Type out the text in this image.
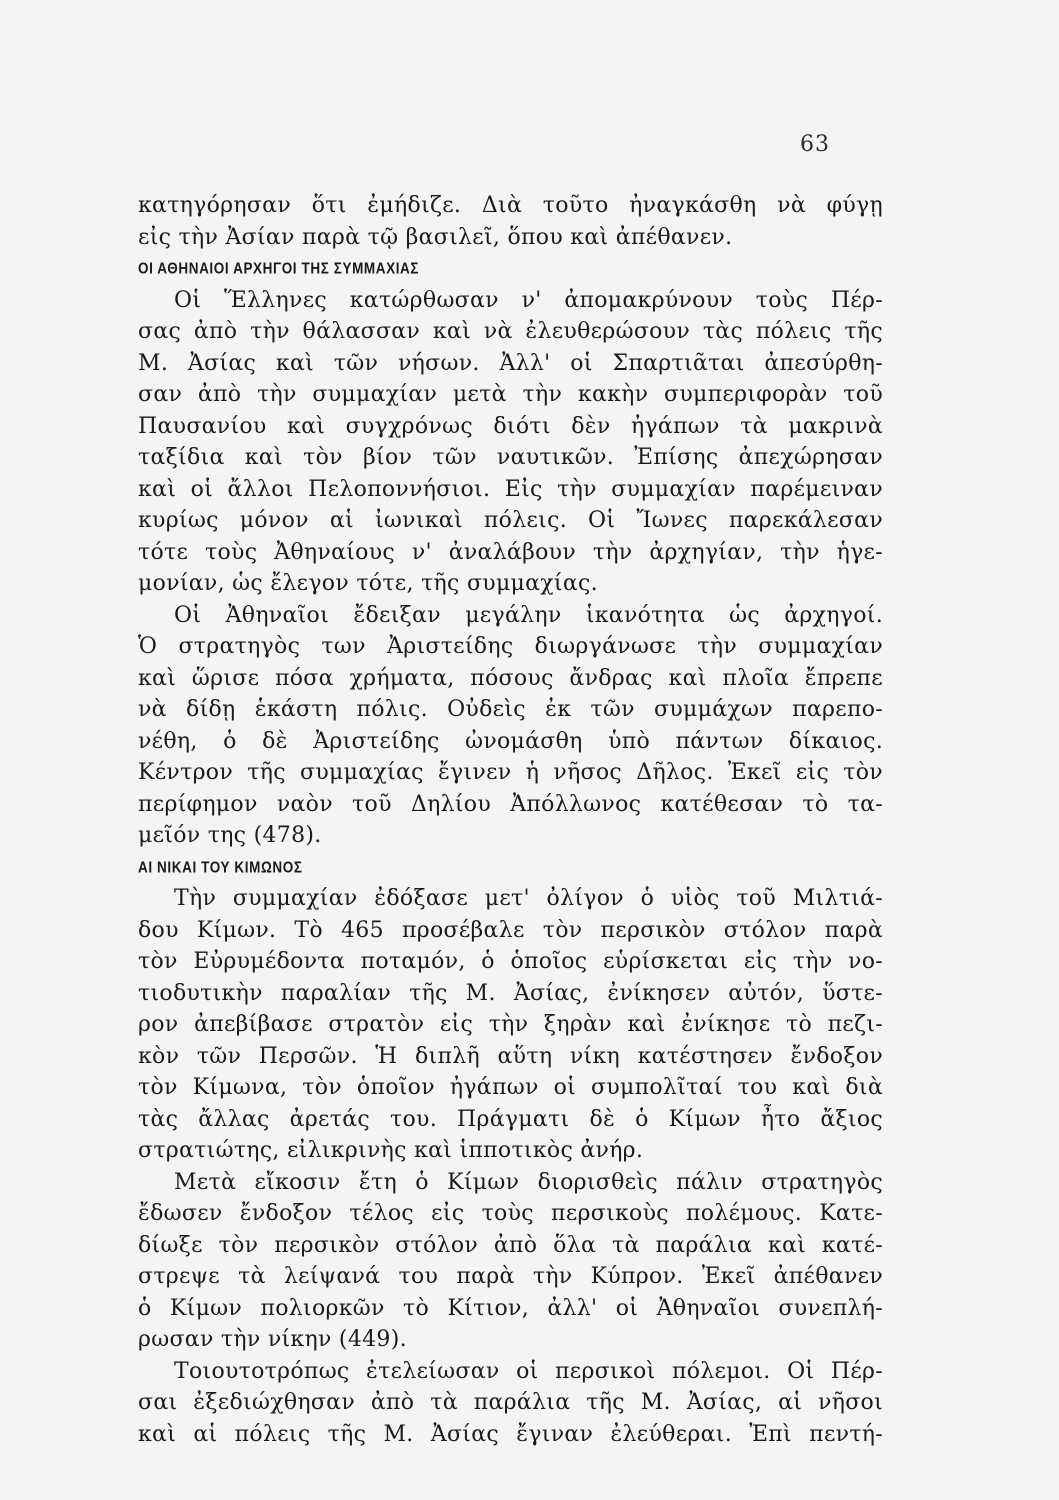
63
κατηγόρησαν ὅτι ἐμήδιζε. Διὰ τοῦτο ἠναγκάσθη νὰ φύγῃ
εἰς τὴν Ἀσίαν παρὰ τῷ βασιλεῖ, ὅπου καὶ ἀπέθανεν.
ΟΙ ΑΘΗΝΑΙΟΙ ΑΡΧΗΓΟΙ ΤΗΣ ΣΥΜΜΑΧΙΑΣ
Οἱ Ἕλληνες κατώρθωσαν ν' ἀπομακρύνουν τοὺς Πέρ-
σας ἀπὸ τὴν θάλασσαν καὶ νὰ ἐλευθερώσουν τὰς πόλεις τῆς
Μ. Ἀσίας καὶ τῶν νήσων. Ἀλλ' οἱ Σπαρτιᾶται ἀπεσύρθη-
σαν ἀπὸ τὴν συμμαχίαν μετὰ τὴν κακὴν συμπεριφορὰν τοῦ
Παυσανίου καὶ συγχρόνως διότι δὲν ἠγάπων τὰ μακρινὰ
ταξίδια καὶ τὸν βίον τῶν ναυτικῶν. Ἐπίσης ἀπεχώρησαν
καὶ οἱ ἄλλοι Πελοποννήσιοι. Εἰς τὴν συμμαχίαν παρέμειναν
κυρίως μόνον αἱ ἰωνικαὶ πόλεις. Οἱ Ἴωνες παρεκάλεσαν
τότε τοὺς Ἀθηναίους ν' ἀναλάβουν τὴν ἀρχηγίαν, τὴν ἡγε-
μονίαν, ὡς ἔλεγον τότε, τῆς συμμαχίας.
Οἱ Ἀθηναῖοι ἔδειξαν μεγάλην ἱκανότητα ὡς ἀρχηγοί.
Ὁ στρατηγὸς των Ἀριστείδης διωργάνωσε τὴν συμμαχίαν
καὶ ὥρισε πόσα χρήματα, πόσους ἄνδρας καὶ πλοῖα ἔπρεπε
νὰ δίδῃ ἑκάστη πόλις. Οὐδεὶς ἐκ τῶν συμμάχων παρεπο-
νέθη, ὁ δὲ Ἀριστείδης ὠνομάσθη ὑπὸ πάντων δίκαιος.
Κέντρον τῆς συμμαχίας ἔγινεν ἡ νῆσος Δῆλος. Ἐκεῖ εἰς τὸν
περίφημον ναὸν τοῦ Δηλίου Ἀπόλλωνος κατέθεσαν τὸ τα-
μεῖόν της (478).
ΑΙ ΝΙΚΑΙ ΤΟΥ ΚΙΜΩΝΟΣ
Τὴν συμμαχίαν ἐδόξασε μετ' ὀλίγον ὁ υἱὸς τοῦ Μιλτιά-
δου Κίμων. Τὸ 465 προσέβαλε τὸν περσικὸν στόλον παρὰ
τὸν Εὐρυμέδοντα ποταμόν, ὁ ὁποῖος εὑρίσκεται εἰς τὴν νο-
τιοδυτικὴν παραλίαν τῆς Μ. Ἀσίας, ἐνίκησεν αὐτόν, ὕστε-
ρον ἀπεβίβασε στρατὸν εἰς τὴν ξηρὰν καὶ ἐνίκησε τὸ πεζι-
κὸν τῶν Περσῶν. Ἡ διπλῆ αὕτη νίκη κατέστησεν ἔνδοξον
τὸν Κίμωνα, τὸν ὁποῖον ἠγάπων οἱ συμπολῖταί του καὶ διὰ
τὰς ἄλλας ἀρετάς του. Πράγματι δὲ ὁ Κίμων ἦτο ἄξιος
στρατιώτης, εἰλικρινὴς καὶ ἱπποτικὸς ἀνήρ.
Μετὰ εἴκοσιν ἔτη ὁ Κίμων διορισθεὶς πάλιν στρατηγὸς
ἔδωσεν ἔνδοξον τέλος εἰς τοὺς περσικοὺς πολέμους. Κατε-
δίωξε τὸν περσικὸν στόλον ἀπὸ ὅλα τὰ παράλια καὶ κατέ-
στρεψε τὰ λείψανά του παρὰ τὴν Κύπρον. Ἐκεῖ ἀπέθανεν
ὁ Κίμων πολιορκῶν τὸ Κίτιον, ἀλλ' οἱ Ἀθηναῖοι συνεπλή-
ρωσαν τὴν νίκην (449).
Τοιουτοτρόπως ἐτελείωσαν οἱ περσικοὶ πόλεμοι. Οἱ Πέρ-
σαι ἐξεδιώχθησαν ἀπὸ τὰ παράλια τῆς Μ. Ἀσίας, αἱ νῆσοι
καὶ αἱ πόλεις τῆς Μ. Ἀσίας ἔγιναν ἐλεύθεραι. Ἐπὶ πεντή-
